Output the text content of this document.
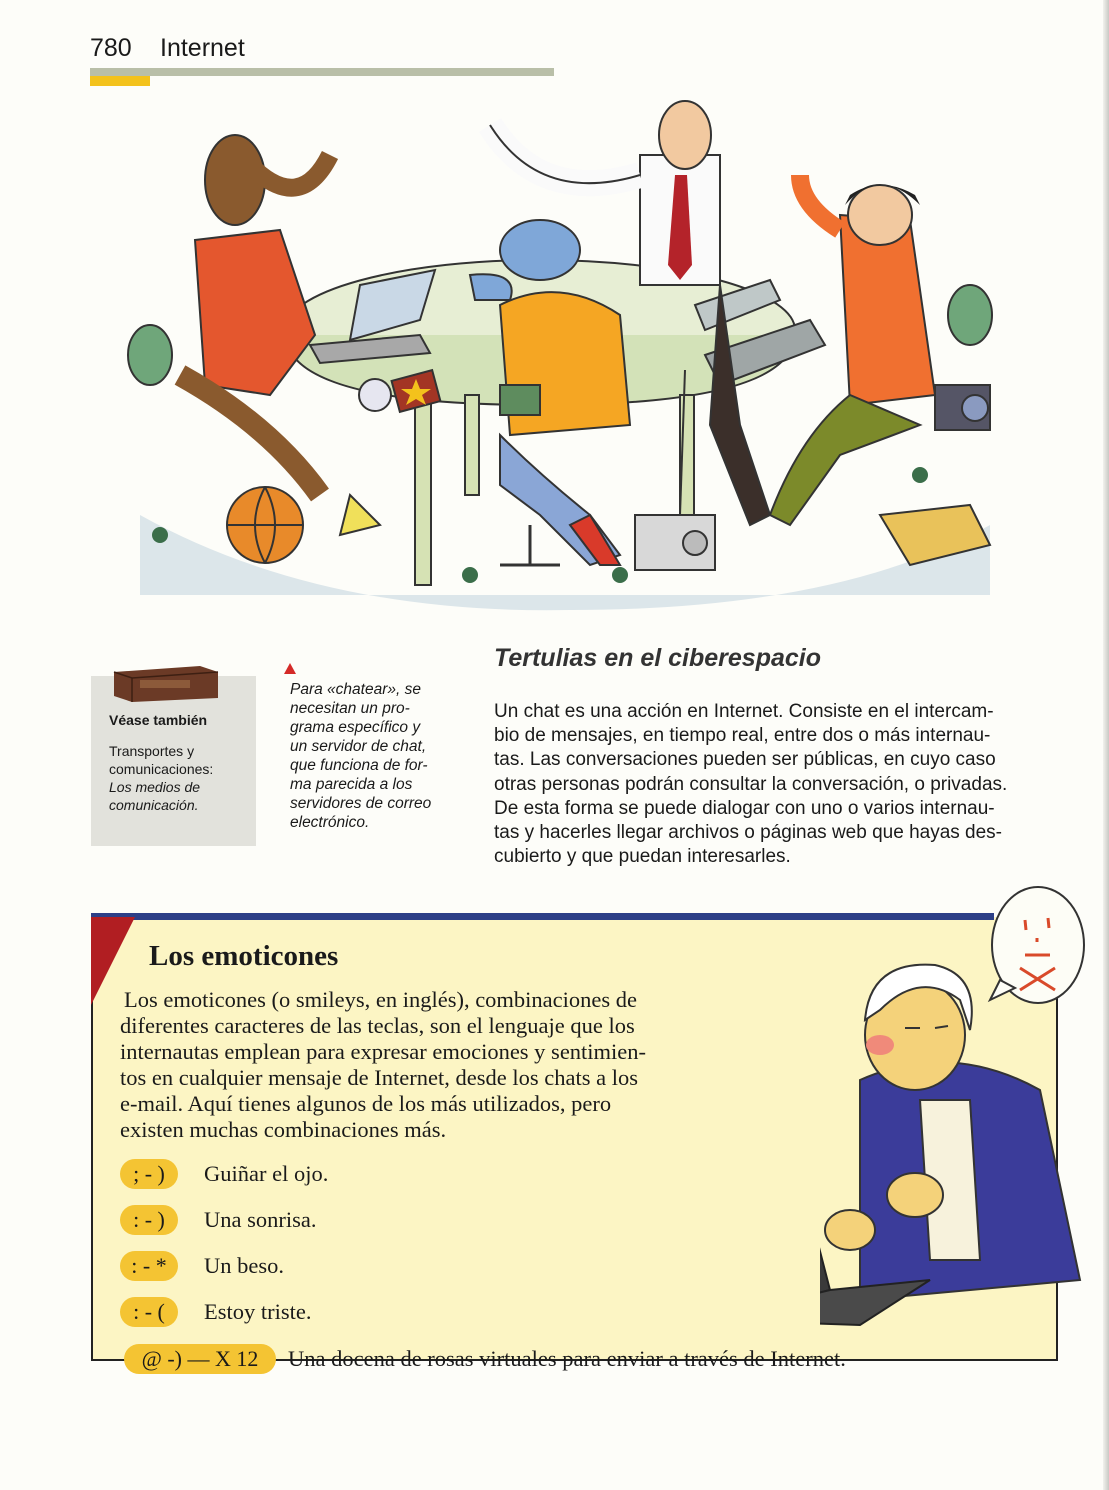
780 Internet
Véase también
Transportes y
comunicaciones:
Los medios de
comunicación.
Para «chatear», se
necesitan un pro-
grama específico y
un servidor de chat,
que funciona de for-
ma parecida a los
servidores de correo
electrónico.
Tertulias en el ciberespacio
Un chat es una acción en Internet. Consiste en el intercam-
bio de mensajes, en tiempo real, entre dos o más internau-
tas. Las conversaciones pueden ser públicas, en cuyo caso
otras personas podrán consultar la conversación, o privadas.
De esta forma se puede dialogar con uno o varios internau-
tas y hacerles llegar archivos o páginas web que hayas des-
cubierto y que puedan interesarles.
Los emoticones
Los emoticones (o smileys, en inglés), combinaciones de
diferentes caracteres de las teclas, son el lenguaje que los
internautas emplean para expresar emociones y sentimien-
tos en cualquier mensaje de Internet, desde los chats a los
e-mail. Aquí tienes algunos de los más utilizados, pero
existen muchas combinaciones más.
; - )	Guiñar el ojo.
: - )	Una sonrisa.
: - *	Un beso.
: - (	Estoy triste.
@ -) — X 12	Una docena de rosas virtuales para enviar a través de Internet.
